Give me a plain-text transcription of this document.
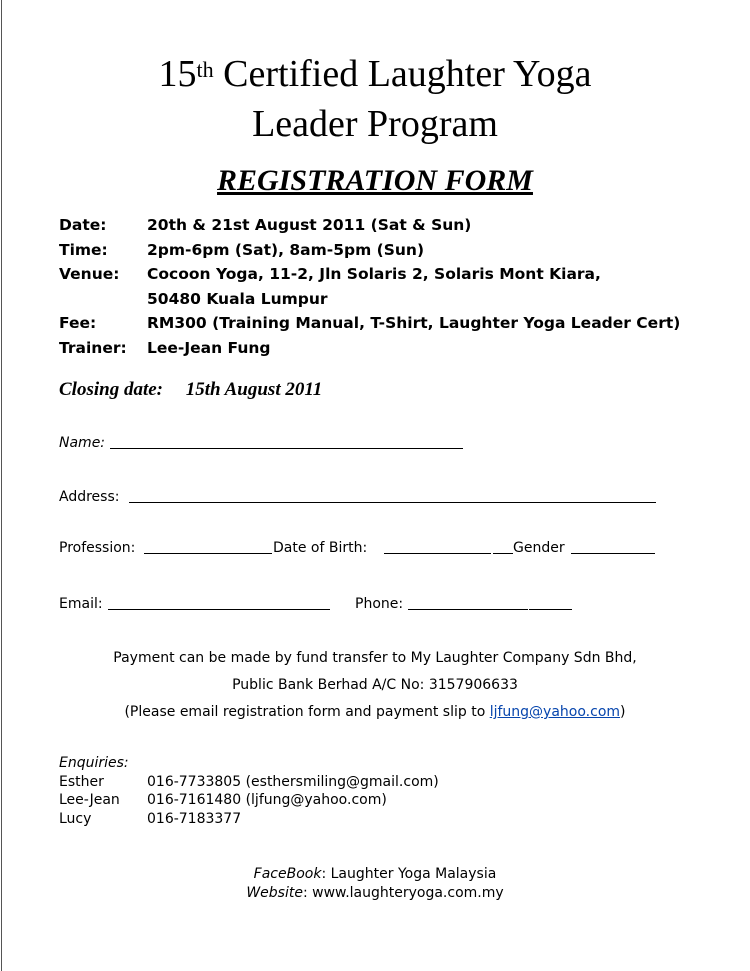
15th Certified Laughter Yoga
Leader Program
REGISTRATION FORM
Date:	20th & 21st August 2011 (Sat & Sun)
Time:	2pm-6pm (Sat), 8am-5pm (Sun)
Venue: Cocoon Yoga, 11-2, Jln Solaris 2, Solaris Mont Kiara,
50480 Kuala Lumpur
Fee:	RM300 (Training Manual, T-Shirt, Laughter Yoga Leader Cert)
Trainer: Lee-Jean Fung
Closing date: 15th August 2011
Name:
Address:
Profession:	Date of Birth:	Gender
Email:	Phone:
Payment can be made by fund transfer to My Laughter Company Sdn Bhd,
Public Bank Berhad A/C No: 3157906633
(Please email registration form and payment slip to ljfung@yahoo.com)
Enquiries:
Esther	016-7733805 (esthersmiling@gmail.com)
Lee-Jean 016-7161480 (ljfung@yahoo.com)
Lucy	016-7183377
FaceBook: Laughter Yoga Malaysia
Website: www.laughteryoga.com.my
